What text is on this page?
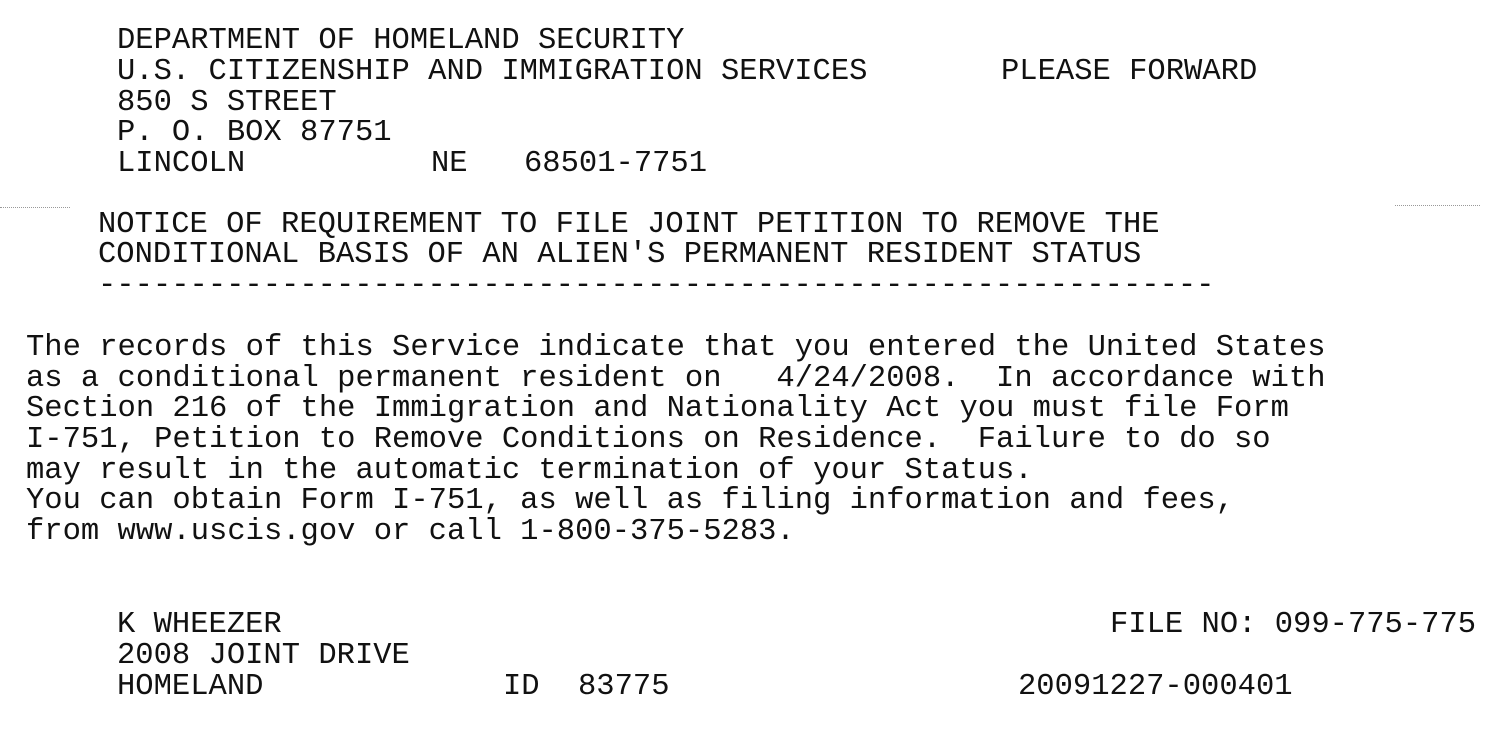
DEPARTMENT OF HOMELAND SECURITY
U.S. CITIZENSHIP AND IMMIGRATION SERVICES	PLEASE FORWARD
850 S STREET
P. O. BOX 87751
LINCOLN	NE 68501-7751
NOTICE OF REQUIREMENT TO FILE JOINT PETITION TO REMOVE THE
CONDITIONAL BASIS OF AN ALIEN'S PERMANENT RESIDENT STATUS
-------------------------------------------------------------
The records of this Service indicate that you entered the United States
as a conditional permanent resident on   4/24/2008.  In accordance with
Section 216 of the Immigration and Nationality Act you must file Form
I-751, Petition to Remove Conditions on Residence.  Failure to do so
may result in the automatic termination of your Status.
You can obtain Form I-751, as well as filing information and fees,
from www.uscis.gov or call 1-800-375-5283.
K WHEEZER	FILE NO: 099-775-775
2008 JOINT DRIVE
HOMELAND	ID 83775	20091227-000401
